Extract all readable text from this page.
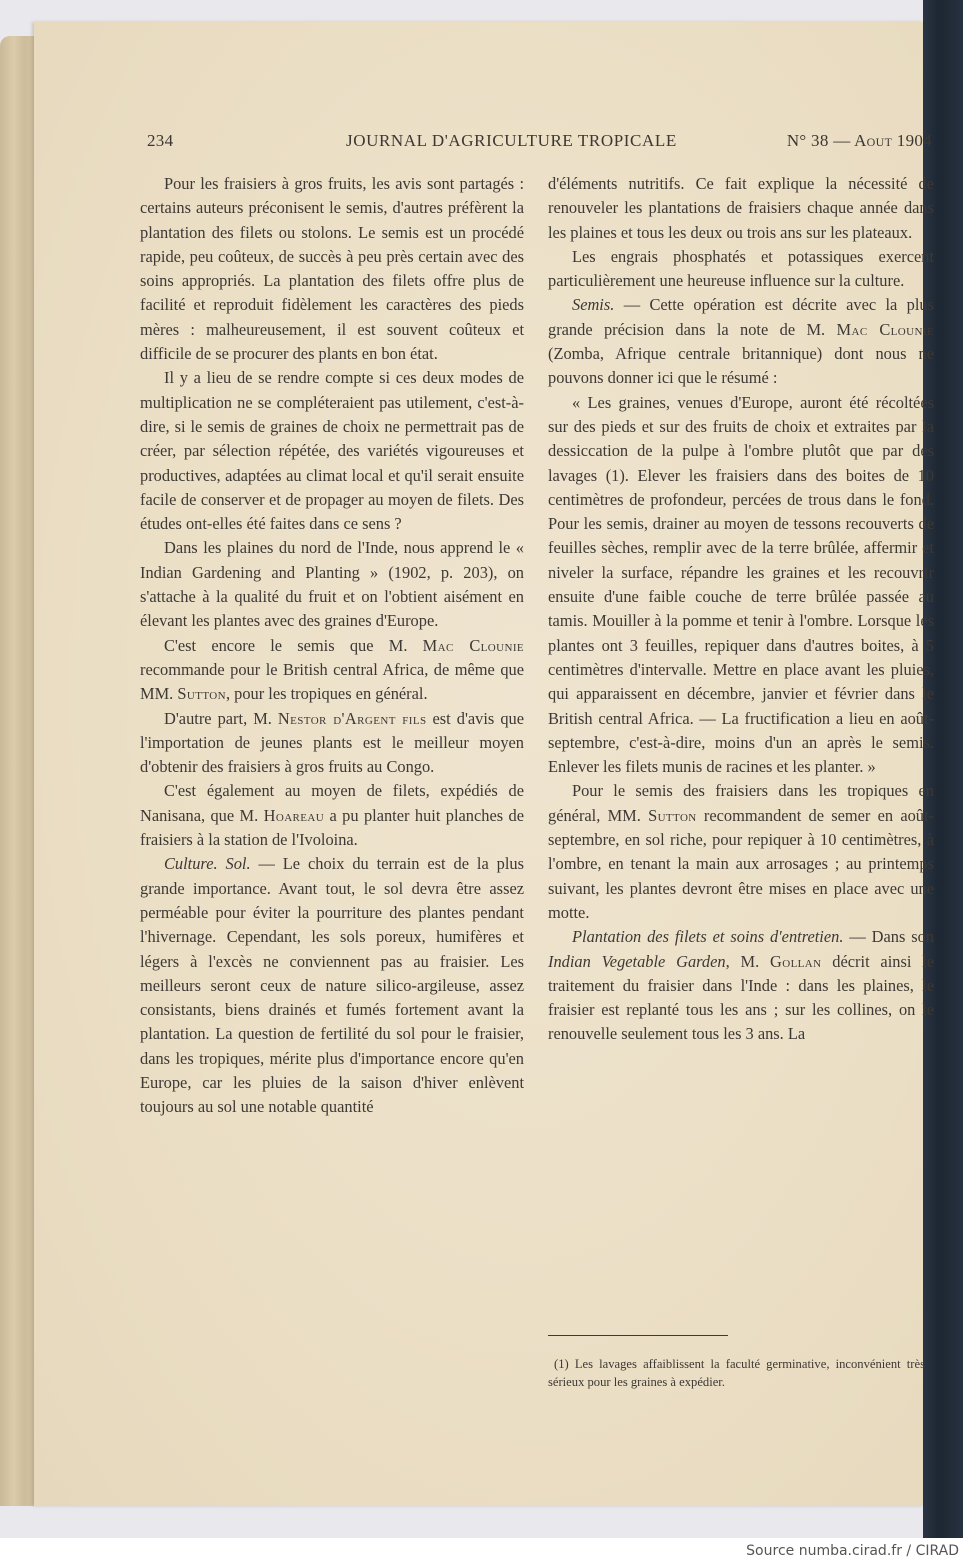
234	JOURNAL D'AGRICULTURE TROPICALE	N° 38 — Aout 1904

Pour les fraisiers à gros fruits, les avis sont partagés : certains auteurs préconisent le semis, d'autres préfèrent la plantation des filets ou stolons. Le semis est un procédé rapide, peu coûteux, de succès à peu près certain avec des soins appropriés. La plantation des filets offre plus de facilité et reproduit fidèlement les caractères des pieds mères : malheureusement, il est souvent coûteux et difficile de se procurer des plants en bon état.

Il y a lieu de se rendre compte si ces deux modes de multiplication ne se compléteraient pas utilement, c'est-à-dire, si le semis de graines de choix ne permettrait pas de créer, par sélection répétée, des variétés vigoureuses et productives, adaptées au climat local et qu'il serait ensuite facile de conserver et de propager au moyen de filets. Des études ont-elles été faites dans ce sens ?

Dans les plaines du nord de l'Inde, nous apprend le « Indian Gardening and Planting » (1902, p. 203), on s'attache à la qualité du fruit et on l'obtient aisément en élevant les plantes avec des graines d'Europe.

C'est encore le semis que M. Mac Clounie recommande pour le British central Africa, de même que MM. Sutton, pour les tropiques en général.

D'autre part, M. Nestor d'Argent fils est d'avis que l'importation de jeunes plants est le meilleur moyen d'obtenir des fraisiers à gros fruits au Congo.

C'est également au moyen de filets, expédiés de Nanisana, que M. Hoareau a pu planter huit planches de fraisiers à la station de l'Ivoloina.

Culture. Sol. — Le choix du terrain est de la plus grande importance. Avant tout, le sol devra être assez perméable pour éviter la pourriture des plantes pendant l'hivernage. Cependant, les sols poreux, humifères et légers à l'excès ne conviennent pas au fraisier. Les meilleurs seront ceux de nature silico-argileuse, assez consistants, biens drainés et fumés fortement avant la plantation. La question de fertilité du sol pour le fraisier, dans les tropiques, mérite plus d'importance encore qu'en Europe, car les pluies de la saison d'hiver enlèvent toujours au sol une notable quantité

d'éléments nutritifs. Ce fait explique la nécessité de renouveler les plantations de fraisiers chaque année dans les plaines et tous les deux ou trois ans sur les plateaux.

Les engrais phosphatés et potassiques exercent particulièrement une heureuse influence sur la culture.

Semis. — Cette opération est décrite avec la plus grande précision dans la note de M. Mac Clounie (Zomba, Afrique centrale britannique) dont nous ne pouvons donner ici que le résumé :

« Les graines, venues d'Europe, auront été récoltées sur des pieds et sur des fruits de choix et extraites par la dessiccation de la pulpe à l'ombre plutôt que par des lavages (1). Elever les fraisiers dans des boites de 10 centimètres de profondeur, percées de trous dans le fond. Pour les semis, drainer au moyen de tessons recouverts de feuilles sèches, remplir avec de la terre brûlée, affermir et niveler la surface, répandre les graines et les recouvrir ensuite d'une faible couche de terre brûlée passée au tamis. Mouiller à la pomme et tenir à l'ombre. Lorsque les plantes ont 3 feuilles, repiquer dans d'autres boites, à 5 centimètres d'intervalle. Mettre en place avant les pluies, qui apparaissent en décembre, janvier et février dans le British central Africa. — La fructification a lieu en août-septembre, c'est-à-dire, moins d'un an après le semis. Enlever les filets munis de racines et les planter. »

Pour le semis des fraisiers dans les tropiques en général, MM. Sutton recommandent de semer en août-septembre, en sol riche, pour repiquer à 10 centimètres, à l'ombre, en tenant la main aux arrosages ; au printemps suivant, les plantes devront être mises en place avec une motte.

Plantation des filets et soins d'entretien. — Dans son Indian Vegetable Garden, M. Gollan décrit ainsi le traitement du fraisier dans l'Inde : dans les plaines, le fraisier est replanté tous les ans ; sur les collines, on le renouvelle seulement tous les 3 ans. La

(1) Les lavages affaiblissent la faculté germinative, inconvénient très sérieux pour les graines à expédier.

Source numba.cirad.fr / CIRAD
